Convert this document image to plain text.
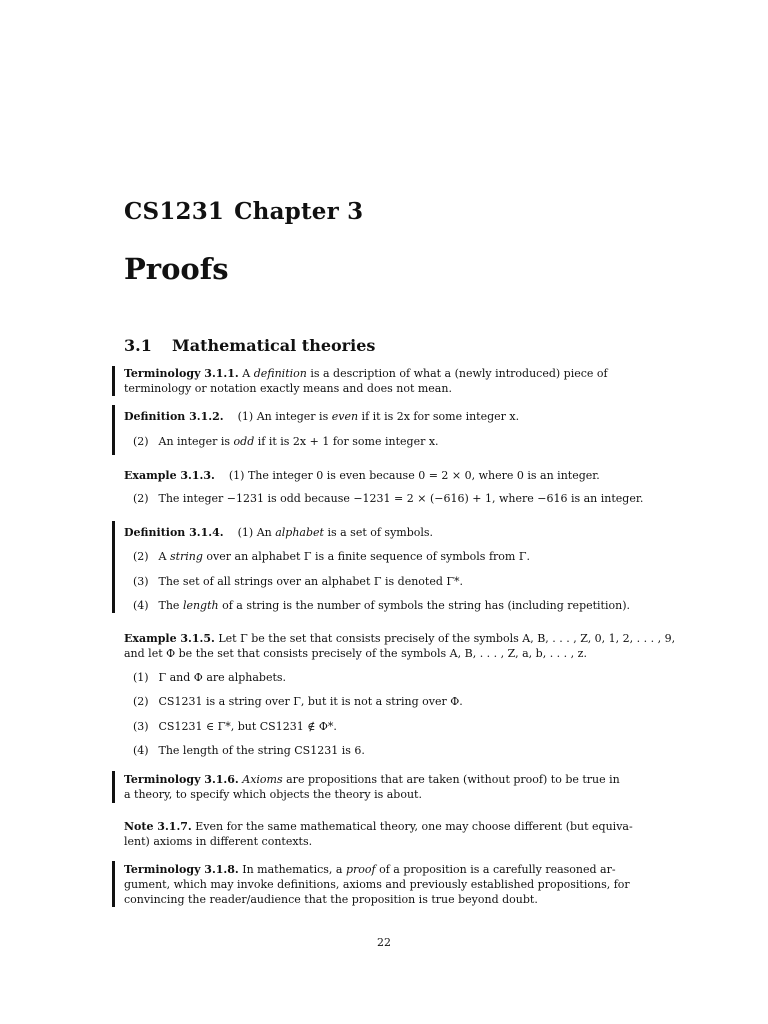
CS1231 Chapter 3
Proofs
3.1 Mathematical theories
Terminology 3.1.1. A definition is a description of what a (newly introduced) piece of
terminology or notation exactly means and does not mean.
Definition 3.1.2. (1) An integer is even if it is 2x for some integer x.
(2) An integer is odd if it is 2x + 1 for some integer x.
Example 3.1.3. (1) The integer 0 is even because 0 = 2 × 0, where 0 is an integer.
(2) The integer −1231 is odd because −1231 = 2 × (−616) + 1, where −616 is an integer.
Definition 3.1.4. (1) An alphabet is a set of symbols.
(2) A string over an alphabet Γ is a finite sequence of symbols from Γ.
(3) The set of all strings over an alphabet Γ is denoted Γ*.
(4) The length of a string is the number of symbols the string has (including repetition).
Example 3.1.5. Let Γ be the set that consists precisely of the symbols A, B, . . . , Z, 0, 1, 2, . . . , 9,
and let Φ be the set that consists precisely of the symbols A, B, . . . , Z, a, b, . . . , z.
(1) Γ and Φ are alphabets.
(2) CS1231 is a string over Γ, but it is not a string over Φ.
(3) CS1231 ∈ Γ*, but CS1231 ∉ Φ*.
(4) The length of the string CS1231 is 6.
Terminology 3.1.6. Axioms are propositions that are taken (without proof) to be true in
a theory, to specify which objects the theory is about.
Note 3.1.7. Even for the same mathematical theory, one may choose different (but equiva-
lent) axioms in different contexts.
Terminology 3.1.8. In mathematics, a proof of a proposition is a carefully reasoned ar-
gument, which may invoke definitions, axioms and previously established propositions, for
convincing the reader/audience that the proposition is true beyond doubt.
22
